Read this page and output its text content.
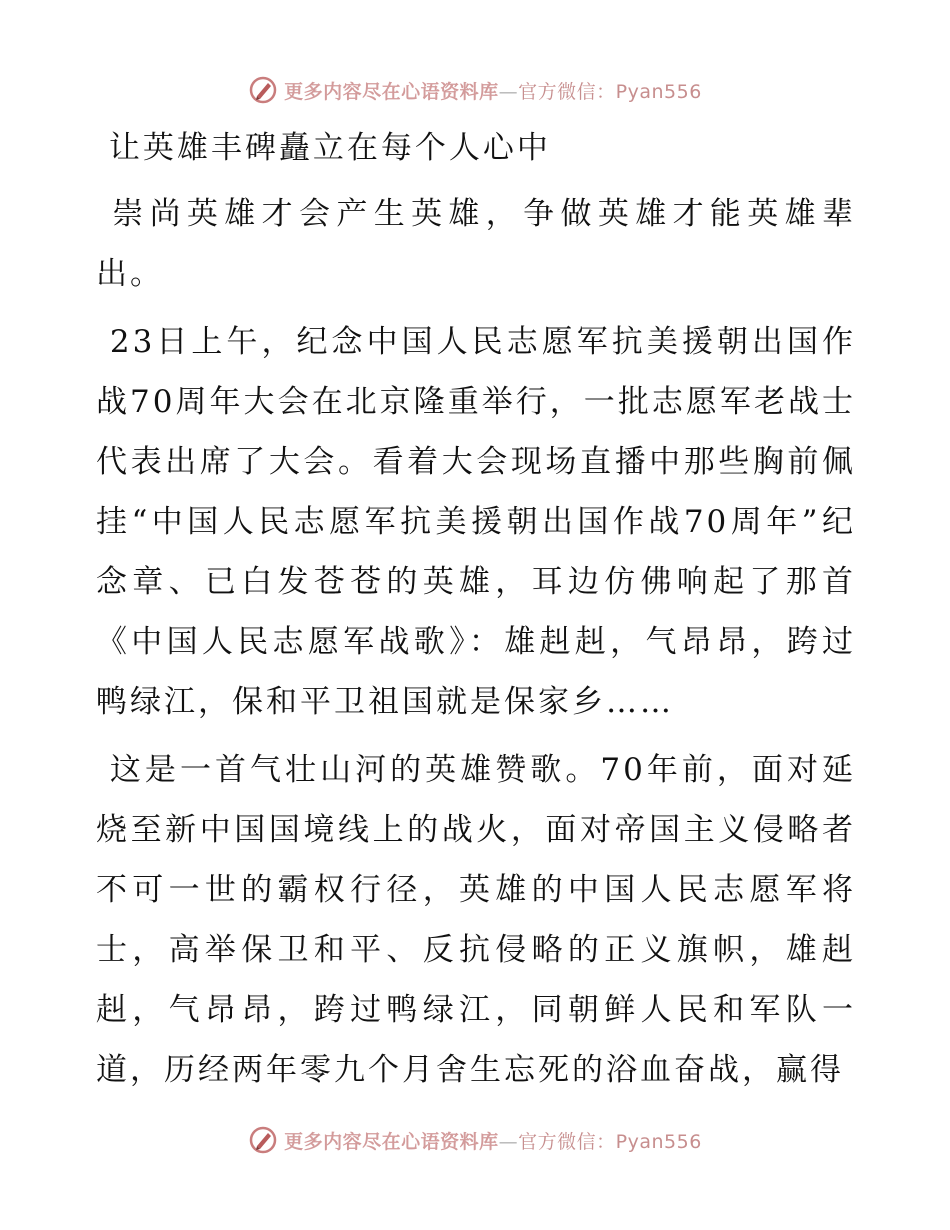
更多内容尽在心语资料库—官方微信：Pyan556

让英雄丰碑矗立在每个人心中

崇尚英雄才会产生英雄，争做英雄才能英雄辈出。

23日上午，纪念中国人民志愿军抗美援朝出国作战70周年大会在北京隆重举行，一批志愿军老战士代表出席了大会。看着大会现场直播中那些胸前佩挂“中国人民志愿军抗美援朝出国作战70周年”纪念章、已白发苍苍的英雄，耳边仿佛响起了那首《中国人民志愿军战歌》：雄赳赳，气昂昂，跨过鸭绿江，保和平卫祖国就是保家乡……

这是一首气壮山河的英雄赞歌。70年前，面对延烧至新中国国境线上的战火，面对帝国主义侵略者不可一世的霸权行径，英雄的中国人民志愿军将士，高举保卫和平、反抗侵略的正义旗帜，雄赳赳，气昂昂，跨过鸭绿江，同朝鲜人民和军队一道，历经两年零九个月舍生忘死的浴血奋战，赢得

更多内容尽在心语资料库—官方微信：Pyan556
